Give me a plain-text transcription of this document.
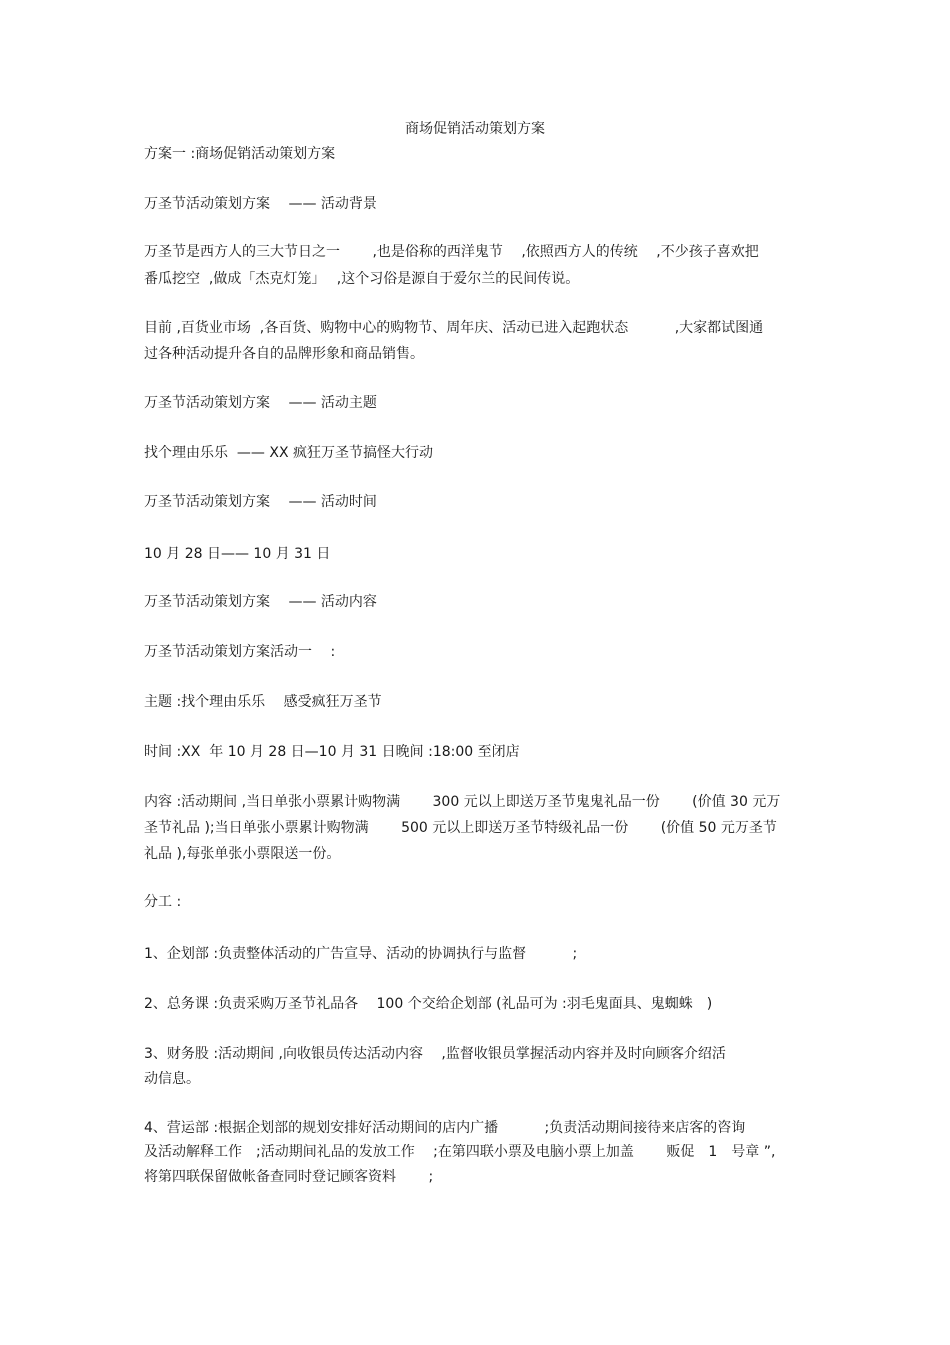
商场促销活动策划方案
方案一 :商场促销活动策划方案
万圣节活动策划方案　 —— 活动背景
万圣节是西方人的三大节日之一　　 ,也是俗称的西洋鬼节　 ,依照西方人的传统　 ,不少孩子喜欢把
番瓜挖空  ,做成「杰克灯笼」　 ,这个习俗是源自于爱尔兰的民间传说。
目前 ,百货业市场  ,各百货、购物中心的购物节、周年庆、活动已进入起跑状态　　　 ,大家都试图通
过各种活动提升各自的品牌形象和商品销售。
万圣节活动策划方案　 —— 活动主题
找个理由乐乐  —— XX 疯狂万圣节搞怪大行动
万圣节活动策划方案　 —— 活动时间
10 月 28 日—— 10 月 31 日
万圣节活动策划方案　 —— 活动内容
万圣节活动策划方案活动一　 :
主题 :找个理由乐乐　 感受疯狂万圣节
时间 :XX  年 10 月 28 日—10 月 31 日晚间 :18:00 至闭店
内容 :活动期间 ,当日单张小票累计购物满　　 300 元以上即送万圣节鬼鬼礼品一份　　 (价值 30 元万
圣节礼品 );当日单张小票累计购物满　　 500 元以上即送万圣节特级礼品一份　　 (价值 50 元万圣节
礼品 ),每张单张小票限送一份。
分工 :
1、企划部 :负责整体活动的广告宣导、活动的协调执行与监督　　　 ;
2、总务课 :负责采购万圣节礼品各　 100 个交给企划部 (礼品可为 :羽毛鬼面具、鬼蜘蛛　)
3、财务股 :活动期间 ,向收银员传达活动内容　 ,监督收银员掌握活动内容并及时向顾客介绍活
动信息。
4、营运部 :根据企划部的规划安排好活动期间的店内广播　　　 ;负责活动期间接待来店客的咨询
及活动解释工作　;活动期间礼品的发放工作　 ;在第四联小票及电脑小票上加盖　　 贩促　1　号章 ”,
将第四联保留做帐备查同时登记顾客资料　　 ;
